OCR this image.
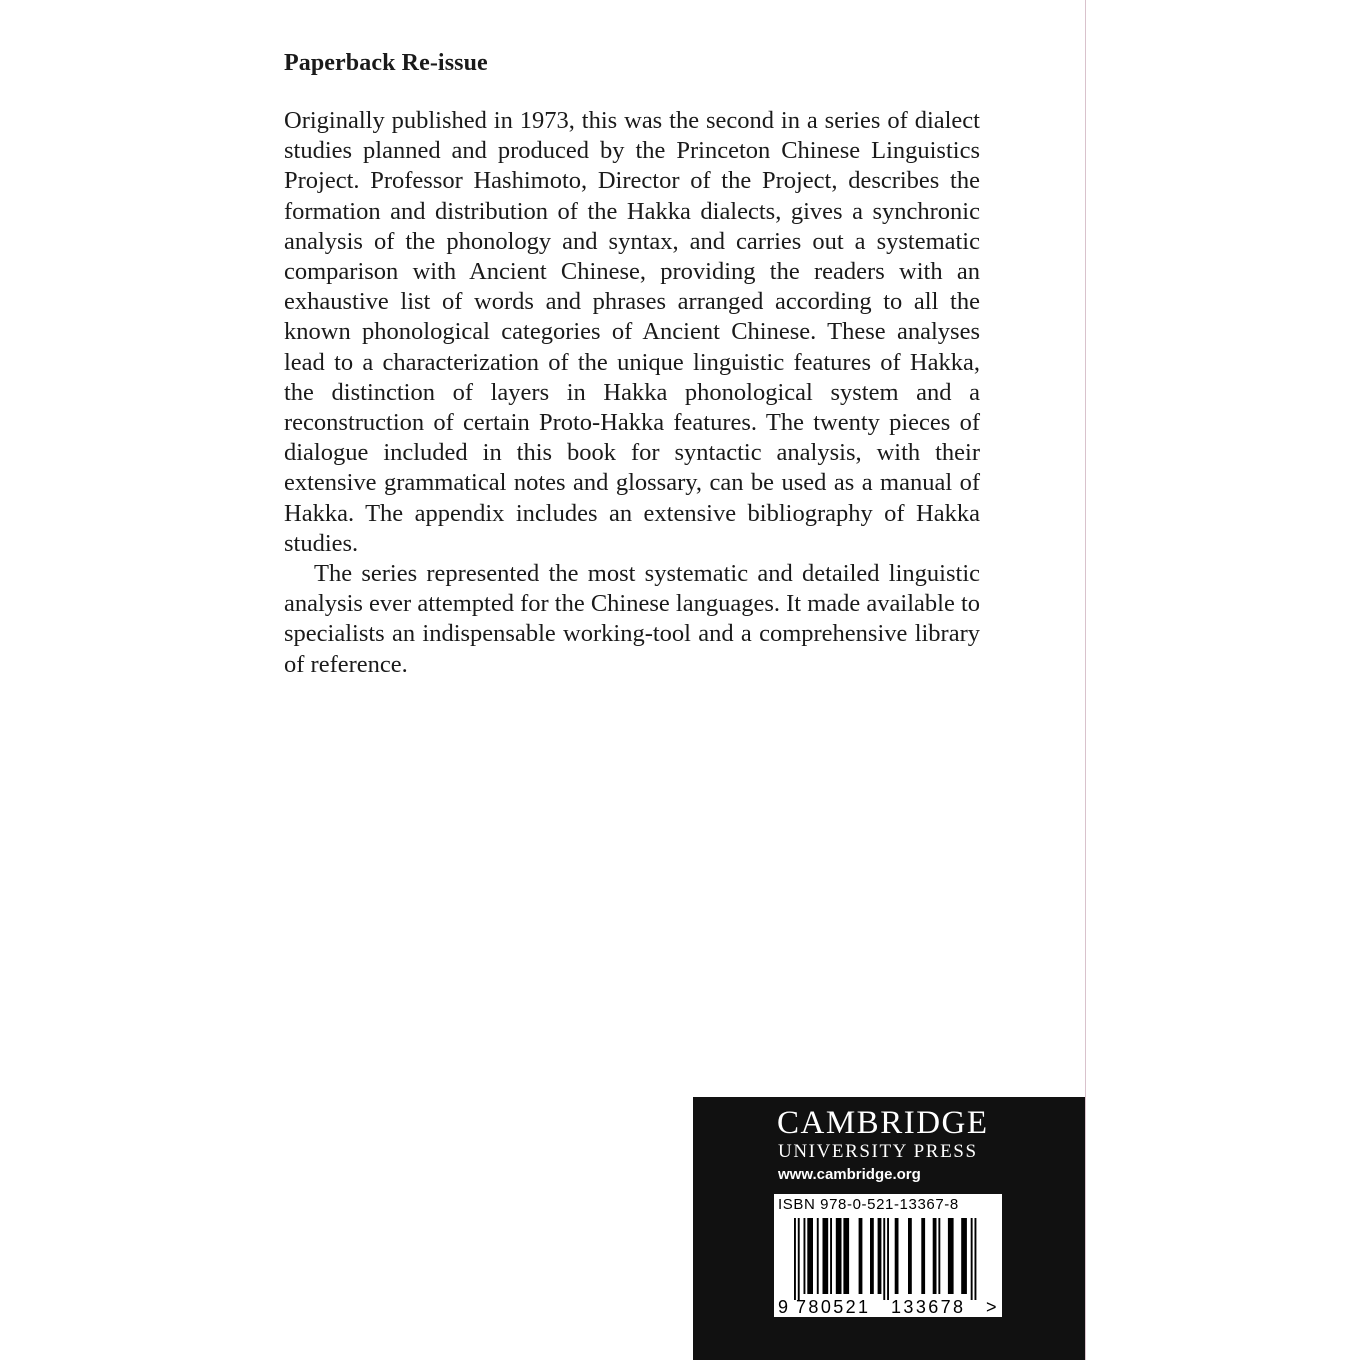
Paperback Re-issue

Originally published in 1973, this was the second in a series of dialect studies planned and produced by the Princeton Chinese Linguistics Project. Professor Hashimoto, Director of the Project, describes the formation and distribution of the Hakka dialects, gives a synchronic analysis of the phonology and syntax, and carries out a systematic comparison with Ancient Chinese, providing the readers with an exhaustive list of words and phrases arranged according to all the known phonological categories of Ancient Chinese. These analyses lead to a characterization of the unique linguistic features of Hakka, the distinction of layers in Hakka phonological system and a reconstruction of certain Proto-Hakka features. The twenty pieces of dialogue included in this book for syntactic analysis, with their extensive grammatical notes and glossary, can be used as a manual of Hakka. The appendix includes an extensive bibliography of Hakka studies.

The series represented the most systematic and detailed linguistic analysis ever attempted for the Chinese languages. It made available to specialists an indispensable working-tool and a comprehensive library of reference.

CAMBRIDGE
UNIVERSITY PRESS
www.cambridge.org
ISBN 978-0-521-13367-8
9 780521 133678 >
